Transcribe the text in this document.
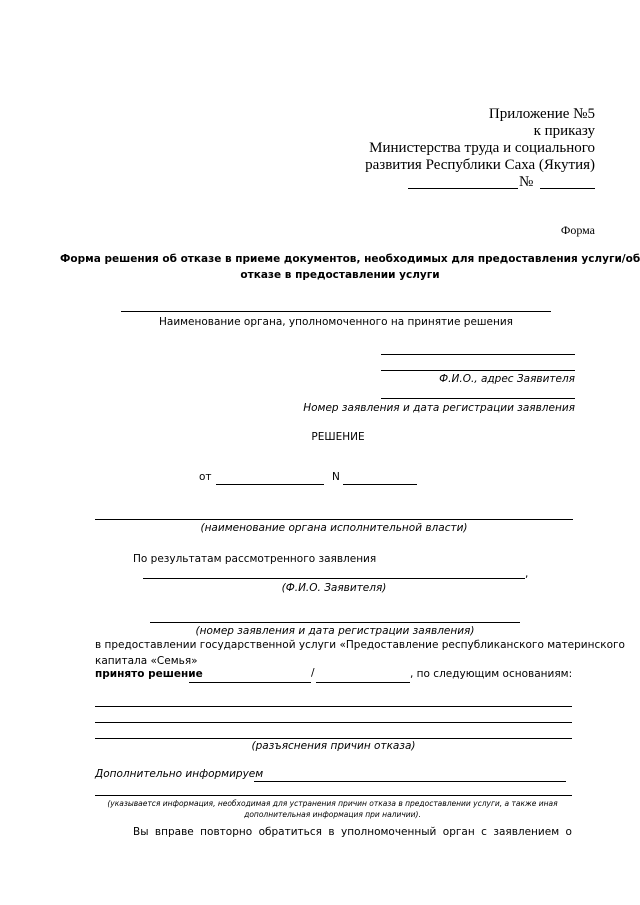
Приложение №5
к приказу
Министерства труда и социального
развития Республики Саха (Якутия)
№
Форма
Форма решения об отказе в приеме документов, необходимых для предоставления услуги/об
отказе в предоставлении услуги
Наименование органа, уполномоченного на принятие решения
Ф.И.О., адрес Заявителя
Номер заявления и дата регистрации заявления
РЕШЕНИЕ
от	N
(наименование органа исполнительной власти)
По результатам рассмотренного заявления
,
(Ф.И.О. Заявителя)
(номер заявления и дата регистрации заявления)
в предоставлении государственной услуги «Предоставление республиканского материнского
капитала «Семья»
принято решение	/	, по следующим основаниям:
(разъяснения причин отказа)
Дополнительно информируем
(указывается информация, необходимая для устранения причин отказа в предоставлении услуги, а также иная
дополнительная информация при наличии).
Вы вправе повторно обратиться в уполномоченный орган с заявлением о
